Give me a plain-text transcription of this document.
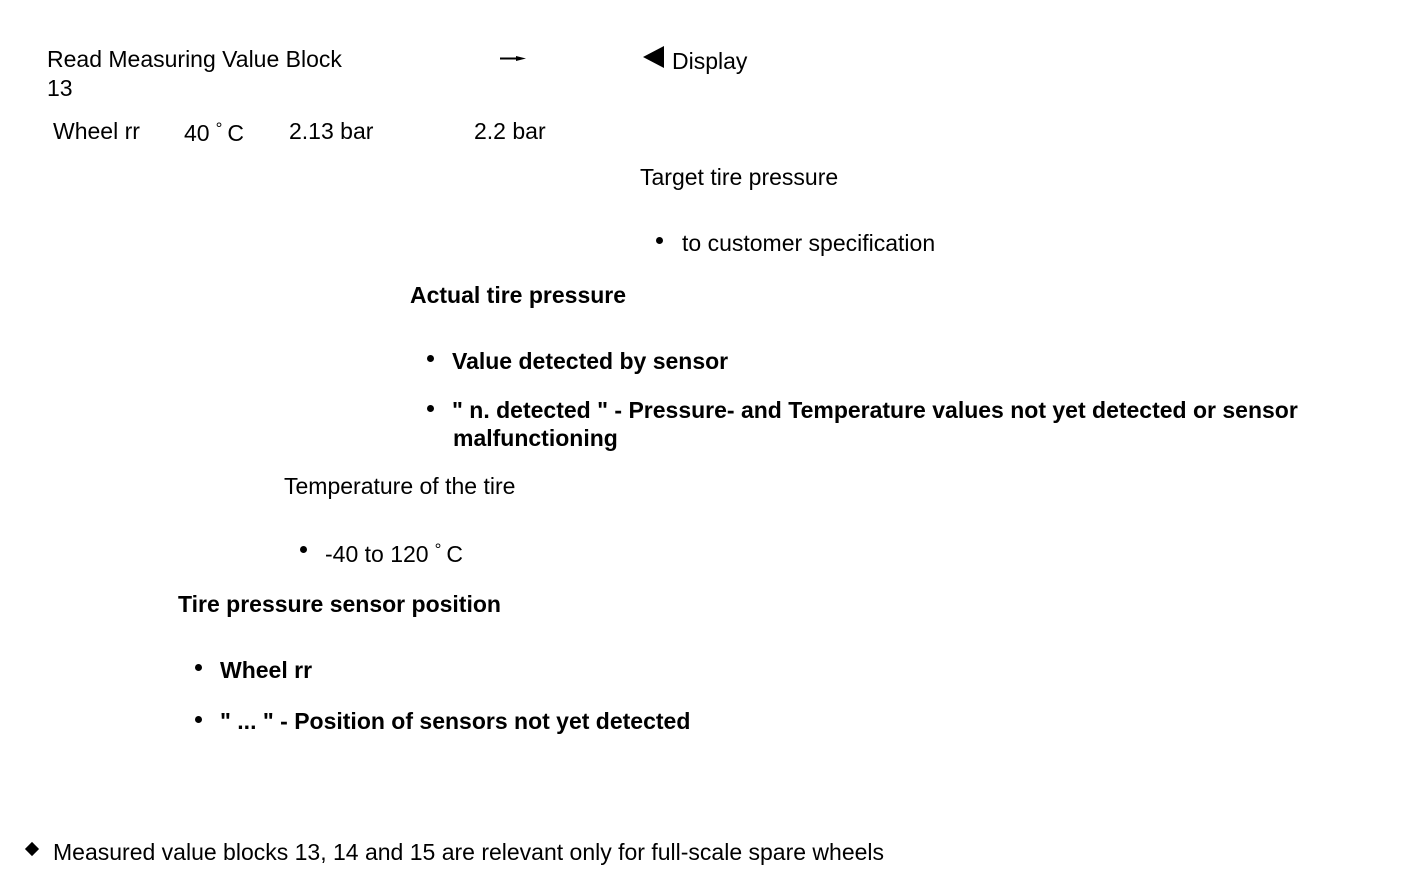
Read Measuring Value Block
13
Display
Wheel rr 40 ° C 2.13 bar	2.2 bar
Target tire pressure
to customer specification
Actual tire pressure
Value detected by sensor
" n. detected " - Pressure- and Temperature values not yet detected or sensor
malfunctioning
Temperature of the tire
-40 to 120 ° C
Tire pressure sensor position
Wheel rr
" ... " - Position of sensors not yet detected
Measured value blocks 13, 14 and 15 are relevant only for full-scale spare wheels
